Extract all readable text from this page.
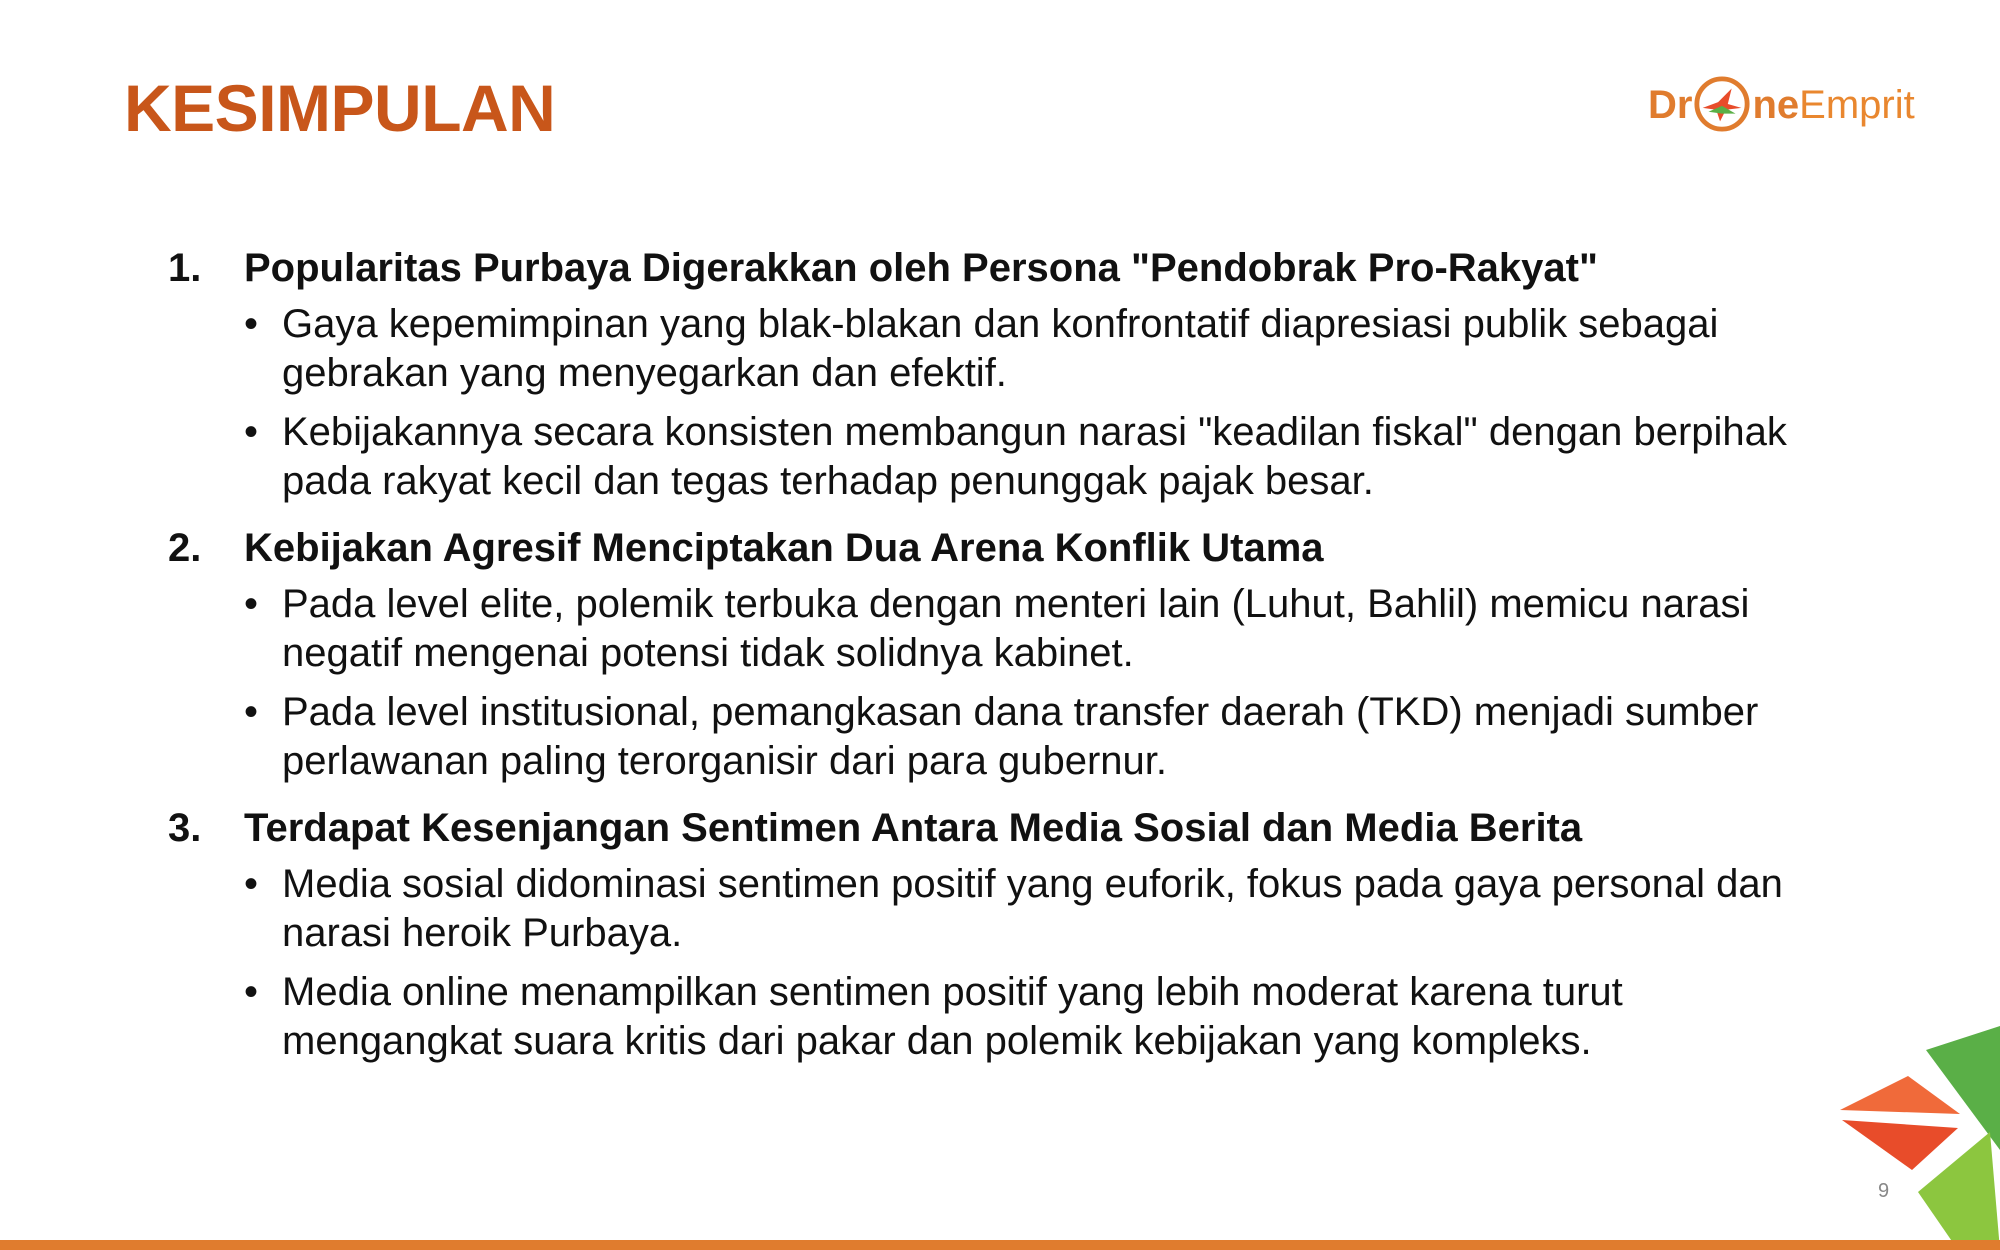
KESIMPULAN	Dr neEmprit
1.	Popularitas Purbaya Digerakkan oleh Persona "Pendobrak Pro-Rakyat"
• Gaya kepemimpinan yang blak-blakan dan konfrontatif diapresiasi publik sebagai gebrakan yang menyegarkan dan efektif.
• Kebijakannya secara konsisten membangun narasi "keadilan fiskal" dengan berpihak pada rakyat kecil dan tegas terhadap penunggak pajak besar.
2.	Kebijakan Agresif Menciptakan Dua Arena Konflik Utama
• Pada level elite, polemik terbuka dengan menteri lain (Luhut, Bahlil) memicu narasi negatif mengenai potensi tidak solidnya kabinet.
• Pada level institusional, pemangkasan dana transfer daerah (TKD) menjadi sumber perlawanan paling terorganisir dari para gubernur.
3.	Terdapat Kesenjangan Sentimen Antara Media Sosial dan Media Berita
• Media sosial didominasi sentimen positif yang euforik, fokus pada gaya personal dan narasi heroik Purbaya.
• Media online menampilkan sentimen positif yang lebih moderat karena turut mengangkat suara kritis dari pakar dan polemik kebijakan yang kompleks.
9
